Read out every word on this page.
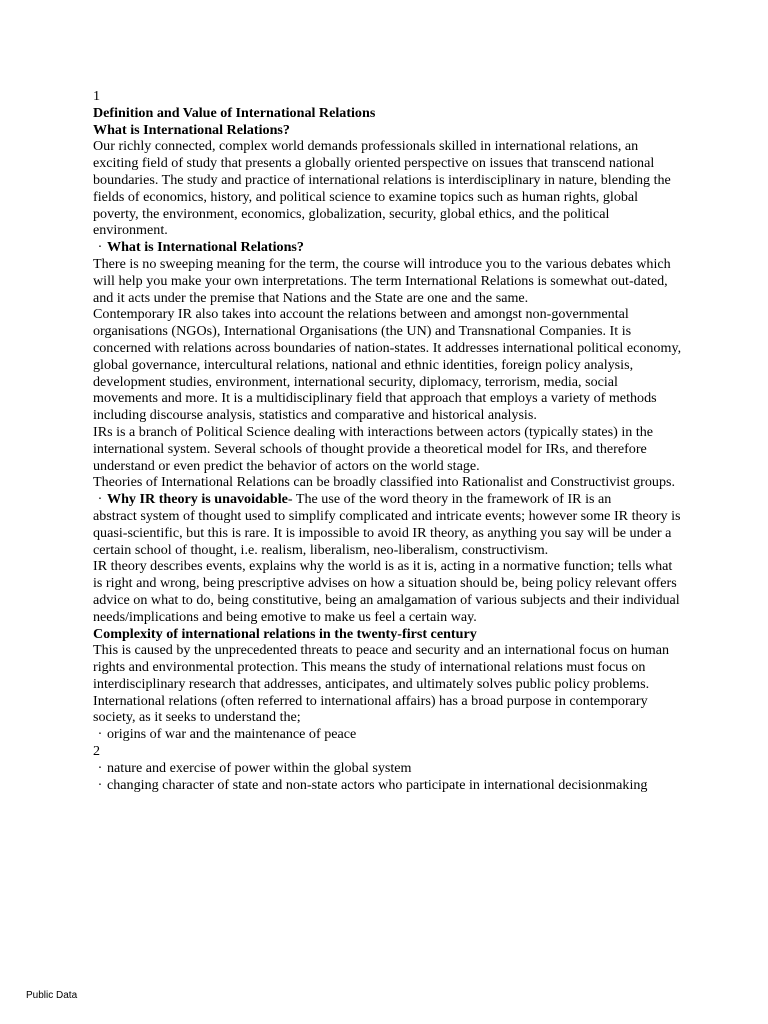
1

Definition and Value of International Relations

What is International Relations?

Our richly connected, complex world demands professionals skilled in international relations, an exciting field of study that presents a globally oriented perspective on issues that transcend national boundaries. The study and practice of international relations is interdisciplinary in nature, blending the fields of economics, history, and political science to examine topics such as human rights, global poverty, the environment, economics, globalization, security, global ethics, and the political environment.

· What is International Relations?

There is no sweeping meaning for the term, the course will introduce you to the various debates which will help you make your own interpretations. The term International Relations is somewhat out-dated, and it acts under the premise that Nations and the State are one and the same.

Contemporary IR also takes into account the relations between and amongst non-governmental organisations (NGOs), International Organisations (the UN) and Transnational Companies. It is concerned with relations across boundaries of nation-states. It addresses international political economy, global governance, intercultural relations, national and ethnic identities, foreign policy analysis, development studies, environment, international security, diplomacy, terrorism, media, social movements and more. It is a multidisciplinary field that approach that employs a variety of methods including discourse analysis, statistics and comparative and historical analysis.

IRs is a branch of Political Science dealing with interactions between actors (typically states) in the international system. Several schools of thought provide a theoretical model for IRs, and therefore understand or even predict the behavior of actors on the world stage.

Theories of International Relations can be broadly classified into Rationalist and Constructivist groups.

· Why IR theory is unavoidable- The use of the word theory in the framework of IR is an

abstract system of thought used to simplify complicated and intricate events; however some IR theory is quasi-scientific, but this is rare. It is impossible to avoid IR theory, as anything you say will be under a certain school of thought, i.e. realism, liberalism, neo-liberalism, constructivism.

IR theory describes events, explains why the world is as it is, acting in a normative function; tells what is right and wrong, being prescriptive advises on how a situation should be, being policy relevant offers advice on what to do, being constitutive, being an amalgamation of various subjects and their individual needs/implications and being emotive to make us feel a certain way.

Complexity of international relations in the twenty-first century

This is caused by the unprecedented threats to peace and security and an international focus on human rights and environmental protection. This means the study of international relations must focus on interdisciplinary research that addresses, anticipates, and ultimately solves public policy problems. International relations (often referred to international affairs) has a broad purpose in contemporary society, as it seeks to understand the;

· origins of war and the maintenance of peace

2

· nature and exercise of power within the global system

· changing character of state and non-state actors who participate in international decisionmaking

Public Data
